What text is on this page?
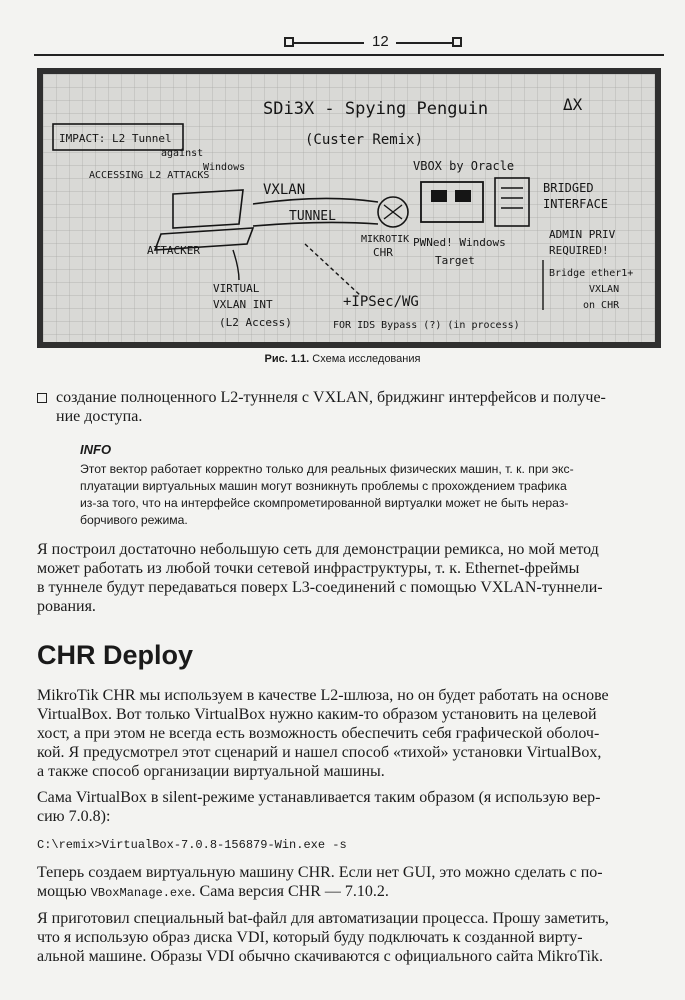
12
SDi3X - Spying Penguin
(Custer Remix)
ΔX
IMPACT: L2 Tunnel
against
Windows
ACCESSING L2 ATTACKS
ATTACKER
VXLAN
TUNNEL
MIKROTIK
CHR
VBOX by Oracle
PWNed! Windows
Target
BRIDGED
INTERFACE
ADMIN PRIV
REQUIRED!
Bridge ether1+
VXLAN
on CHR
VIRTUAL
VXLAN INT
(L2 Access)
+IPSec/WG
FOR IDS Bypass (?) (in process)
Рис. 1.1. Схема исследования
создание полноценного L2-туннеля с VXLAN, бриджинг интерфейсов и получе-
ние доступа.
INFO
Этот вектор работает корректно только для реальных физических машин, т. к. при экс-
плуатации виртуальных машин могут возникнуть проблемы с прохождением трафика
из-за того, что на интерфейсе скомпрометированной виртуалки может не быть нераз-
борчивого режима.
Я построил достаточно небольшую сеть для демонстрации ремикса, но мой метод
может работать из любой точки сетевой инфраструктуры, т. к. Ethernet-фреймы
в туннеле будут передаваться поверх L3-соединений с помощью VXLAN-туннели-
рования.
CHR Deploy
MikroTik CHR мы используем в качестве L2-шлюза, но он будет работать на основе
VirtualBox. Вот только VirtualBox нужно каким-то образом установить на целевой
хост, а при этом не всегда есть возможность обеспечить себя графической оболоч-
кой. Я предусмотрел этот сценарий и нашел способ «тихой» установки VirtualBox,
а также способ организации виртуальной машины.
Сама VirtualBox в silent-режиме устанавливается таким образом (я использую вер-
сию 7.0.8):
C:\remix>VirtualBox-7.0.8-156879-Win.exe -s
Теперь создаем виртуальную машину CHR. Если нет GUI, это можно сделать с по-
мощью VBoxManage.exe. Сама версия CHR — 7.10.2.
Я приготовил специальный bat-файл для автоматизации процесса. Прошу заметить,
что я использую образ диска VDI, который буду подключать к созданной вирту-
альной машине. Образы VDI обычно скачиваются с официального сайта MikroTik.
